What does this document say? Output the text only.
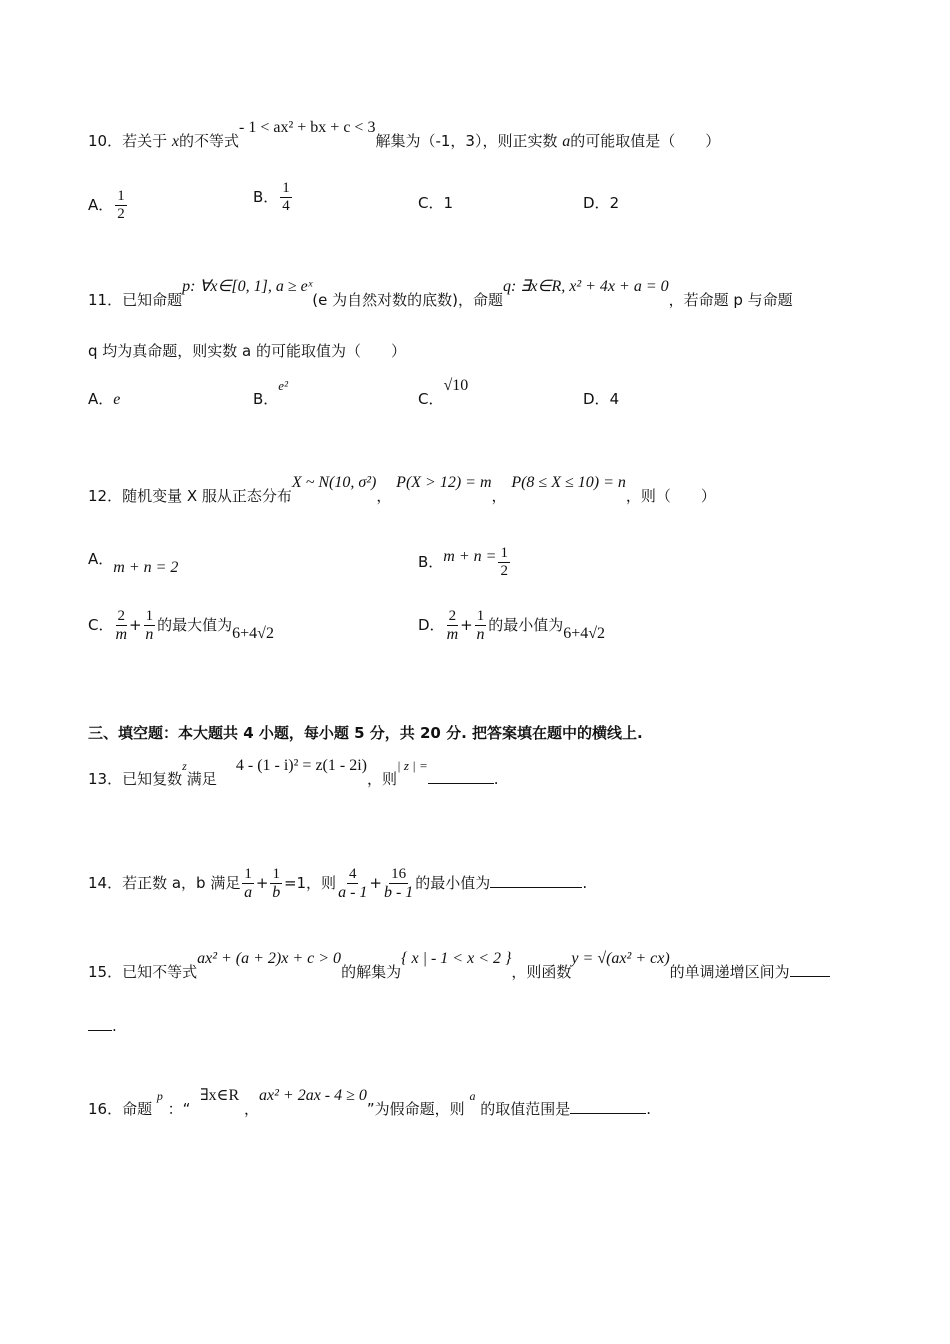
10．若关于 x的不等式- 1 < ax² + bx + c < 3解集为（-1，3），则正实数 a的可能取值是（　　）
A． $\frac{1}{2}$	B． $\frac{1}{4}$	C．1	D．2
11．已知命题p: ∀x∈[0, 1], a ≥ eˣ(e 为自然对数的底数)，命题q: ∃x∈R, x² + 4x + a = 0，若命题 p 与命题
q 均为真命题，则实数 a 的可能取值为（　　）
A．e	B．e²
C．√10
D．4
12．随机变量 X 服从正态分布X ~ N(10, σ²)， P(X > 12) = m， P(8 ≤ X ≤ 10) = n，则（　　）
A．m + n = 2	B．$m + n = \frac{1}{2}$
C． $\frac{2}{m} + \frac{1}{n}$ 的最大值为6+4√2	D． $\frac{2}{m} + \frac{1}{n}$ 的最小值为6+4√2
三、填空题：本大题共 4 小题，每小题 5 分，共 20 分. 把答案填在题中的横线上.
13．已知复数$^z$满足    4 - (1 - i)² = z(1 - 2i)，则| z | =.
14．若正数 a，b 满足 $\frac{1}{a} + \frac{1}{b} =1$，则 $\frac{4}{a - 1} + \frac{16}{b - 1}$ 的最小值为	.
15．已知不等式ax² + (a + 2)x + c > 0的解集为{ x | - 1 < x < 2 }，则函数y = √(ax² + cx)的单调递增区间为
.
16．命题 $^p$ ：“  ∃x∈R ，ax² + 2ax - 4 ≥ 0”为假命题，则 $^a$ 的取值范围是	.
